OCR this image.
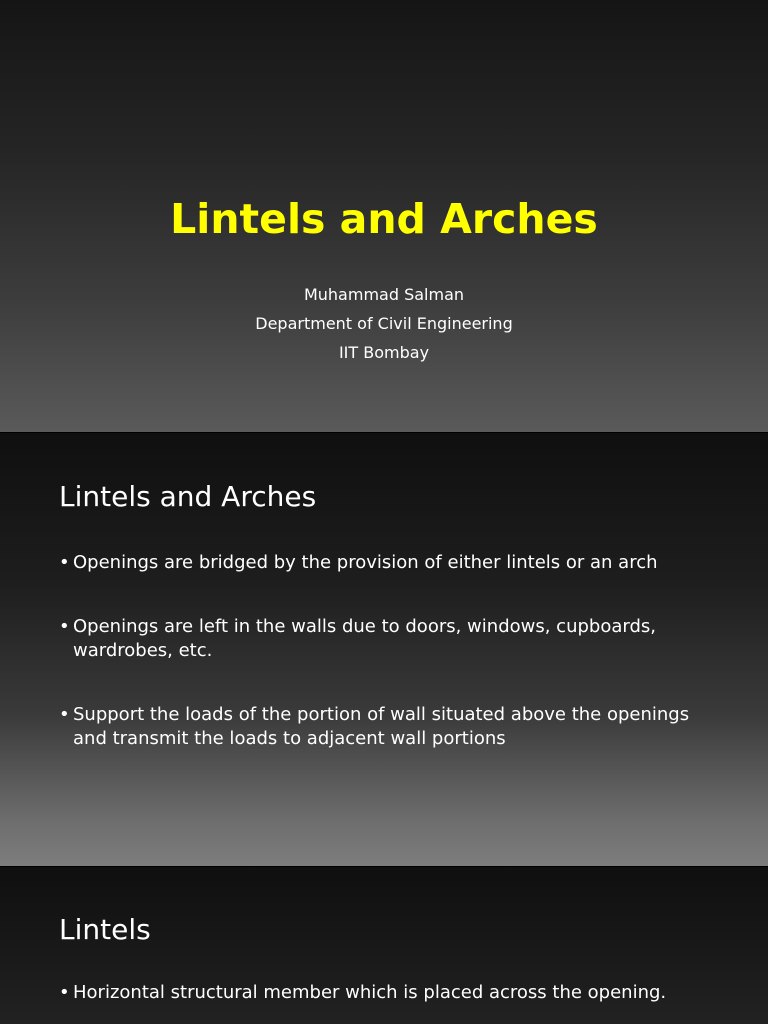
Lintels and Arches
Muhammad Salman
Department of Civil Engineering
IIT Bombay
Lintels and Arches
• Openings are bridged by the provision of either lintels or an arch
• Openings are left in the walls due to doors, windows, cupboards, wardrobes, etc.
• Support the loads of the portion of wall situated above the openings and transmit the loads to adjacent wall portions
Lintels
• Horizontal structural member which is placed across the opening.
